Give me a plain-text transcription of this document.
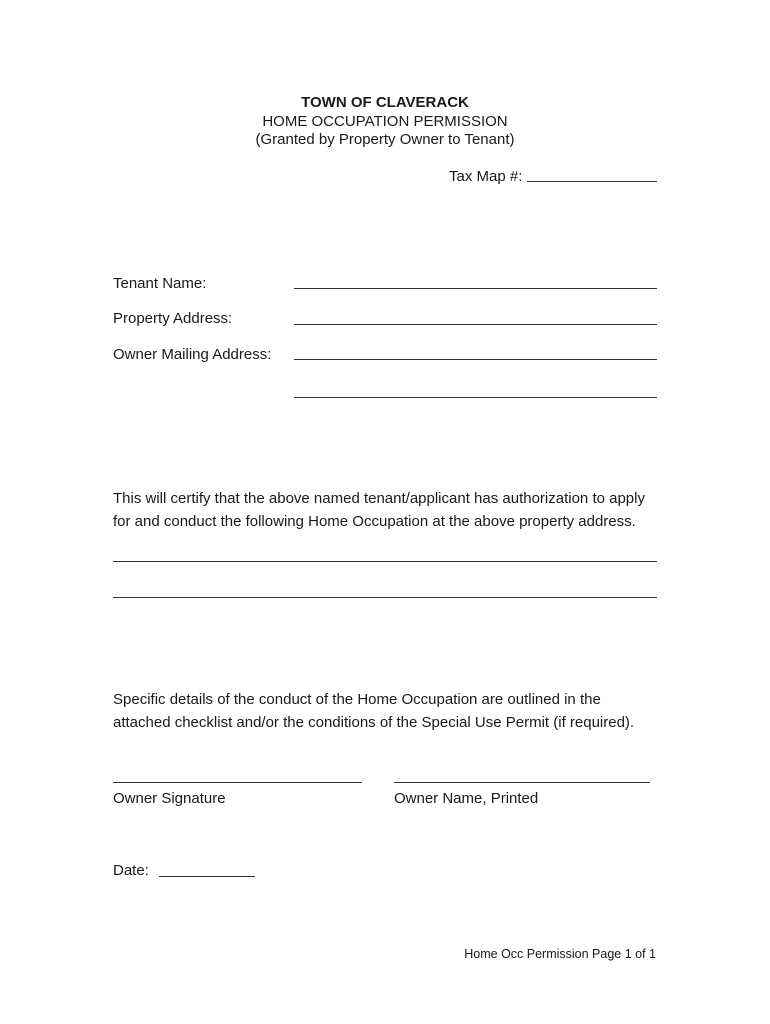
TOWN OF CLAVERACK
HOME OCCUPATION PERMISSION
(Granted by Property Owner to Tenant)
Tax Map #:
Tenant Name:
Property Address:
Owner Mailing Address:
This will certify that the above named tenant/applicant has authorization to apply
for and conduct the following Home Occupation at the above property address.
Specific details of the conduct of the Home Occupation are outlined in the
attached checklist and/or the conditions of the Special Use Permit (if required).
Owner Signature	Owner Name, Printed
Date:
Home Occ Permission Page 1 of 1
